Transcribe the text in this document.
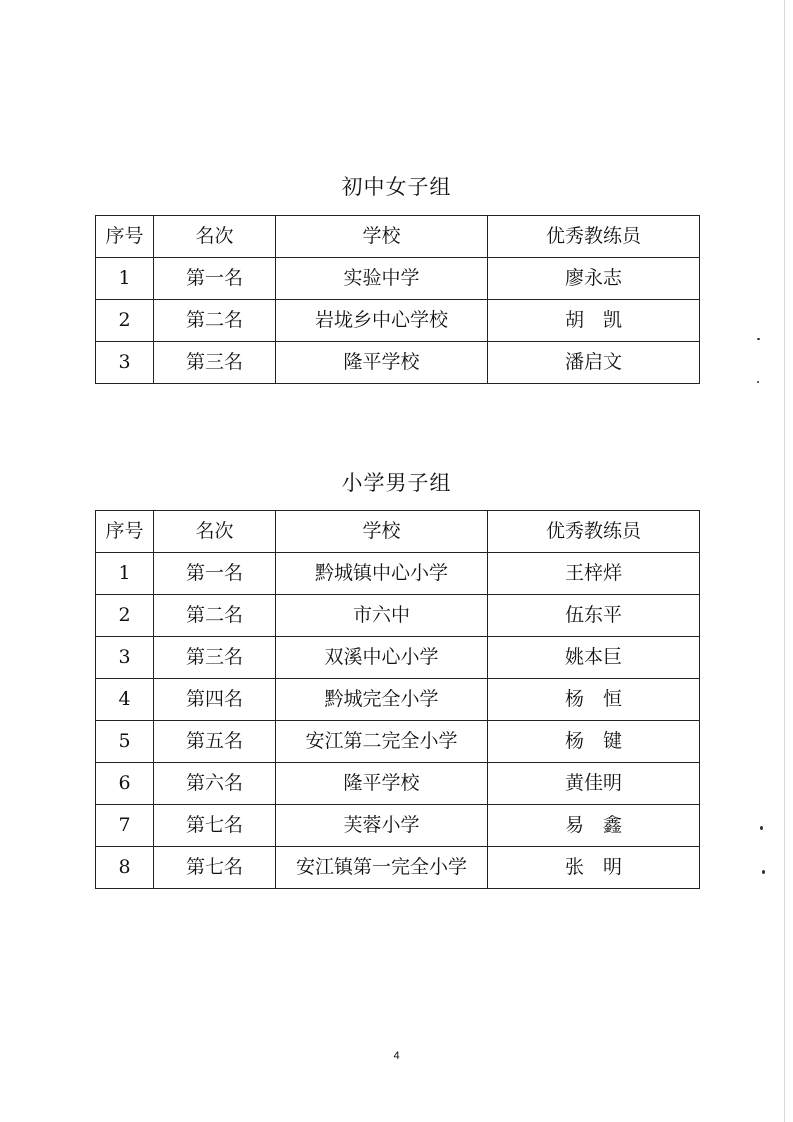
初中女子组
序号	名次	学校	优秀教练员
1	第一名	实验中学	廖永志
2	第二名	岩垅乡中心学校	胡　凯
3	第三名	隆平学校	潘启文
小学男子组
序号	名次	学校	优秀教练员
1	第一名	黔城镇中心小学	王梓烊
2	第二名	市六中	伍东平
3	第三名	双溪中心小学	姚本巨
4	第四名	黔城完全小学	杨　恒
5	第五名	安江第二完全小学	杨　键
6	第六名	隆平学校	黄佳明
7	第七名	芙蓉小学	易　鑫
8	第七名	安江镇第一完全小学	张　明
4
